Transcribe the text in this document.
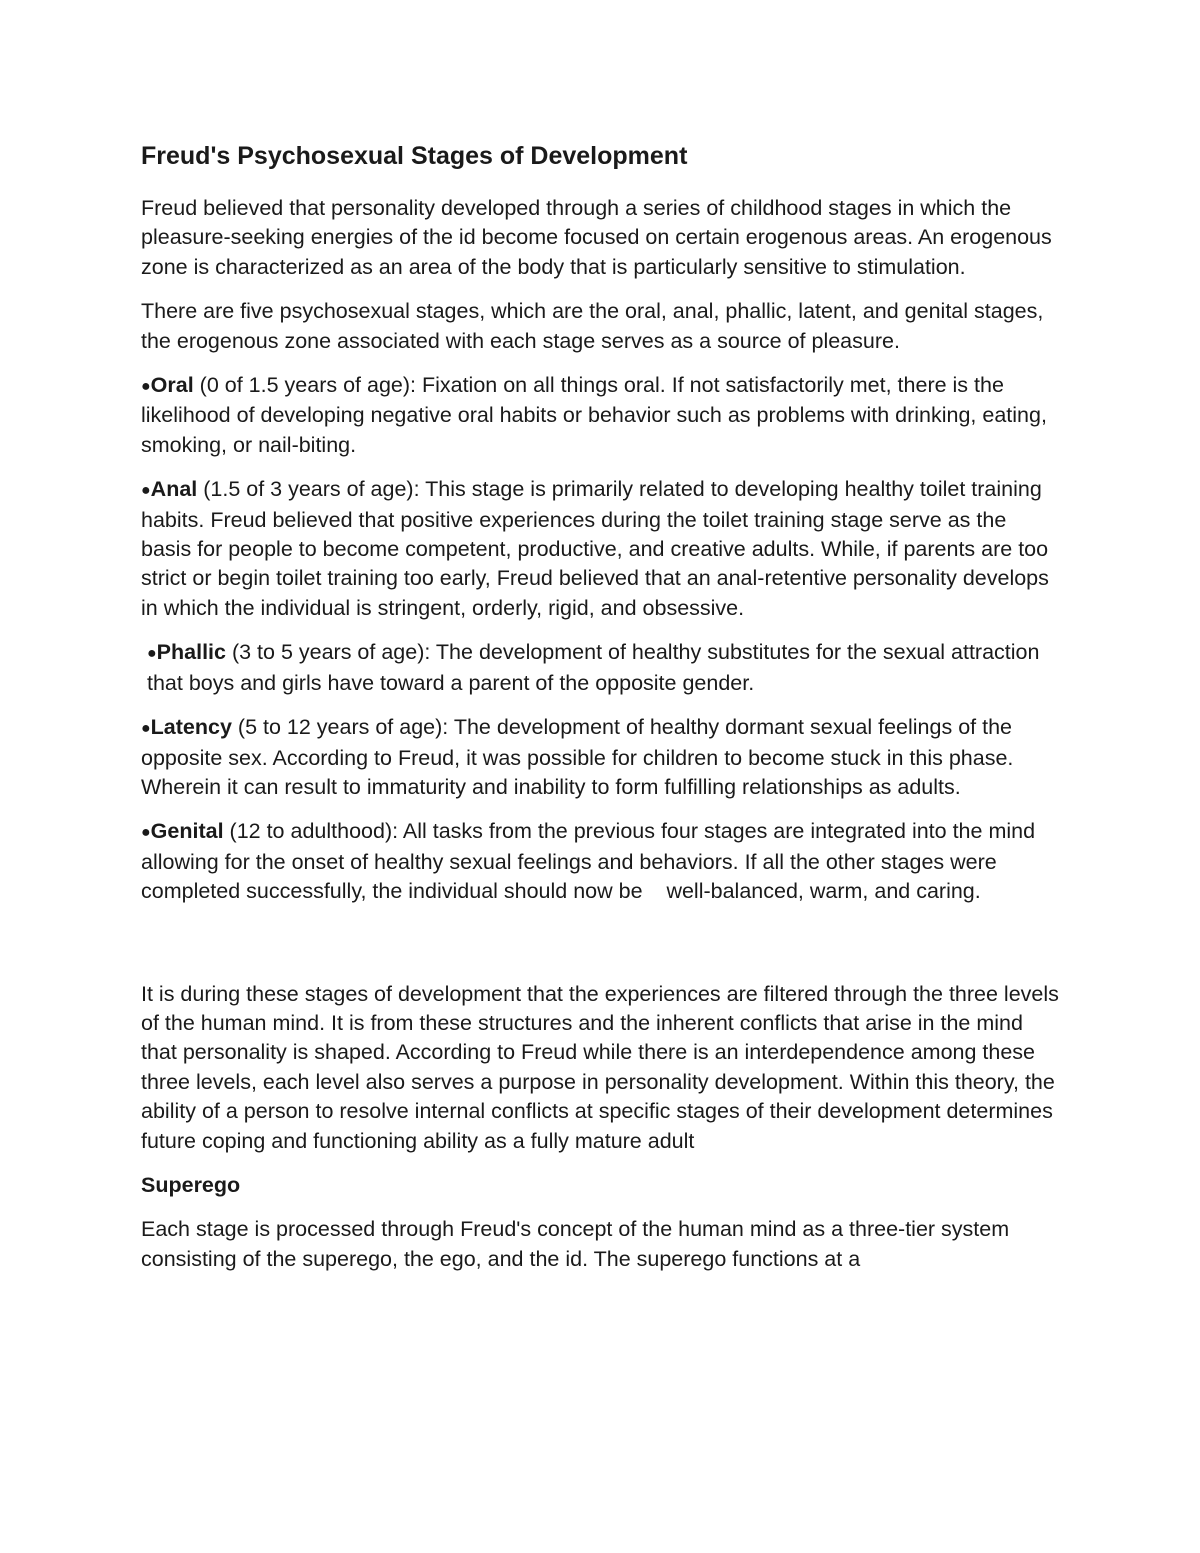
Freud's Psychosexual Stages of Development

Freud believed that personality developed through a series of childhood stages in which the pleasure-seeking energies of the id become focused on certain erogenous areas. An erogenous zone is characterized as an area of the body that is particularly sensitive to stimulation.

There are five psychosexual stages, which are the oral, anal, phallic, latent, and genital stages, the erogenous zone associated with each stage serves as a source of pleasure.

●Oral (0 of 1.5 years of age): Fixation on all things oral. If not satisfactorily met, there is the likelihood of developing negative oral habits or behavior such as problems with drinking, eating, smoking, or nail-biting.

●Anal (1.5 of 3 years of age): This stage is primarily related to developing healthy toilet training habits. Freud believed that positive experiences during the toilet training stage serve as the basis for people to become competent, productive, and creative adults. While, if parents are too strict or begin toilet training too early, Freud believed that an anal-retentive personality develops in which the individual is stringent, orderly, rigid, and obsessive.

●Phallic (3 to 5 years of age): The development of healthy substitutes for the sexual attraction that boys and girls have toward a parent of the opposite gender.

●Latency (5 to 12 years of age): The development of healthy dormant sexual feelings of the opposite sex. According to Freud, it was possible for children to become stuck in this phase. Wherein it can result to immaturity and inability to form fulfilling relationships as adults.

●Genital (12 to adulthood): All tasks from the previous four stages are integrated into the mind allowing for the onset of healthy sexual feelings and behaviors. If all the other stages were completed successfully, the individual should now be    well-balanced, warm, and caring.

It is during these stages of development that the experiences are filtered through the three levels of the human mind. It is from these structures and the inherent conflicts that arise in the mind that personality is shaped. According to Freud while there is an interdependence among these three levels, each level also serves a purpose in personality development. Within this theory, the ability of a person to resolve internal conflicts at specific stages of their development determines future coping and functioning ability as a fully mature adult

Superego

Each stage is processed through Freud's concept of the human mind as a three-tier system consisting of the superego, the ego, and the id. The superego functions at a
